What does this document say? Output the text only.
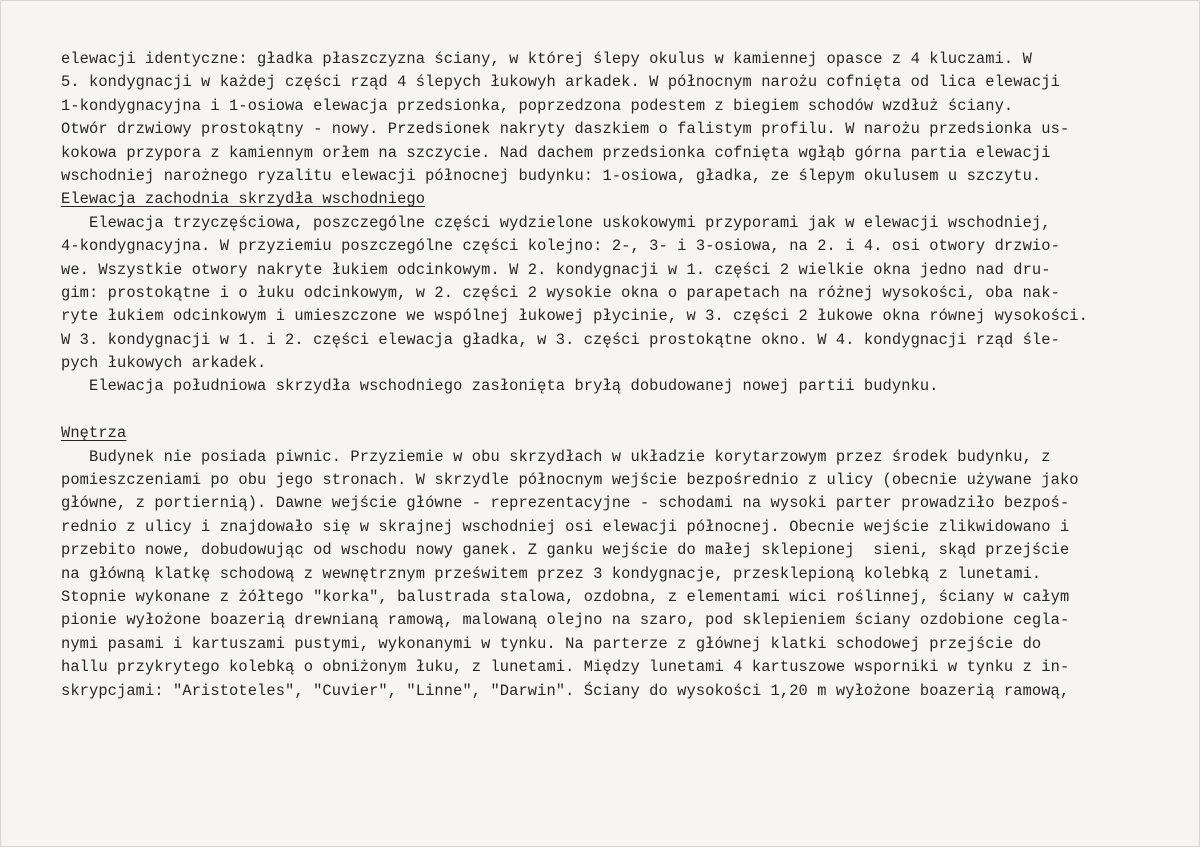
elewacji identyczne: gładka płaszczyzna ściany, w której ślepy okulus w kamiennej opasce z 4 kluczami. W
5. kondygnacji w każdej części rząd 4 ślepych łukowyh arkadek. W północnym narożu cofnięta od lica elewacji
1-kondygnacyjna i 1-osiowa elewacja przedsionka, poprzedzona podestem z biegiem schodów wzdłuż ściany.
Otwór drzwiowy prostokątny - nowy. Przedsionek nakryty daszkiem o falistym profilu. W narożu przedsionka us-
kokowa przypora z kamiennym orłem na szczycie. Nad dachem przedsionka cofnięta wgłąb górna partia elewacji
wschodniej narożnego ryzalitu elewacji północnej budynku: 1-osiowa, gładka, ze ślepym okulusem u szczytu.
Elewacja zachodnia skrzydła wschodniego
Elewacja trzyczęściowa, poszczególne części wydzielone uskokowymi przyporami jak w elewacji wschodniej,
4-kondygnacyjna. W przyziemiu poszczególne części kolejno: 2-, 3- i 3-osiowa, na 2. i 4. osi otwory drzwio-
we. Wszystkie otwory nakryte łukiem odcinkowym. W 2. kondygnacji w 1. części 2 wielkie okna jedno nad dru-
gim: prostokątne i o łuku odcinkowym, w 2. części 2 wysokie okna o parapetach na różnej wysokości, oba nak-
ryte łukiem odcinkowym i umieszczone we wspólnej łukowej płycinie, w 3. części 2 łukowe okna równej wysokości.
W 3. kondygnacji w 1. i 2. części elewacja gładka, w 3. części prostokątne okno. W 4. kondygnacji rząd śle-
pych łukowych arkadek.
Elewacja południowa skrzydła wschodniego zasłonięta bryłą dobudowanej nowej partii budynku.
Wnętrza
Budynek nie posiada piwnic. Przyziemie w obu skrzydłach w układzie korytarzowym przez środek budynku, z
pomieszczeniami po obu jego stronach. W skrzydle północnym wejście bezpośrednio z ulicy (obecnie używane jako
główne, z portiernią). Dawne wejście główne - reprezentacyjne - schodami na wysoki parter prowadziło bezpoś-
rednio z ulicy i znajdowało się w skrajnej wschodniej osi elewacji północnej. Obecnie wejście zlikwidowano i
przebito nowe, dobudowując od wschodu nowy ganek. Z ganku wejście do małej sklepionej  sieni, skąd przejście
na główną klatkę schodową z wewnętrznym prześwitem przez 3 kondygnacje, przesklepioną kolebką z lunetami.
Stopnie wykonane z żółtego "korka", balustrada stalowa, ozdobna, z elementami wici roślinnej, ściany w całym
pionie wyłożone boazerią drewnianą ramową, malowaną olejno na szaro, pod sklepieniem ściany ozdobione cegla-
nymi pasami i kartuszami pustymi, wykonanymi w tynku. Na parterze z głównej klatki schodowej przejście do
hallu przykrytego kolebką o obniżonym łuku, z lunetami. Między lunetami 4 kartuszowe wsporniki w tynku z in-
skrypcjami: "Aristoteles", "Cuvier", "Linne", "Darwin". Ściany do wysokości 1,20 m wyłożone boazerią ramową,
